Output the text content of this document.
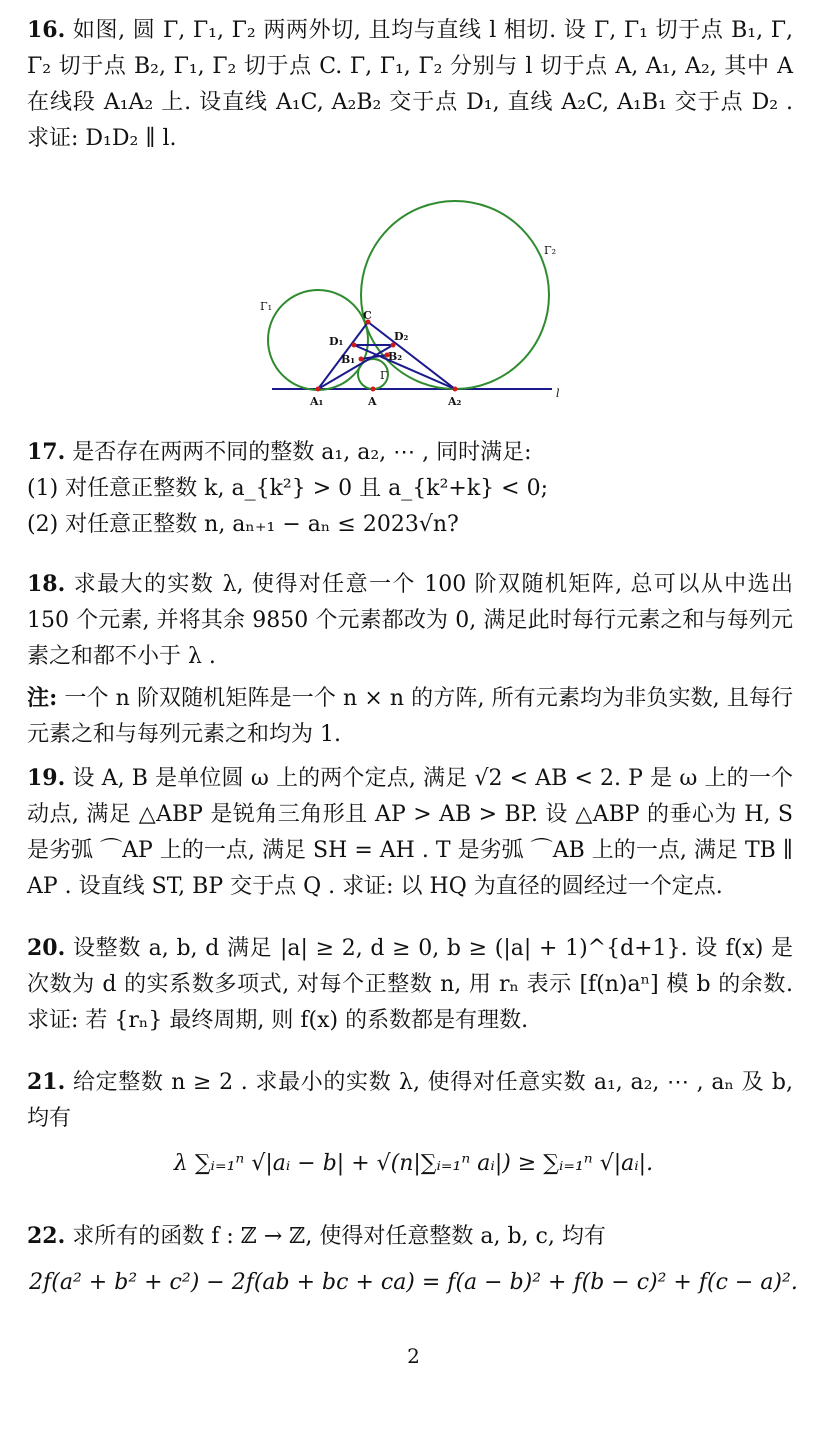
16. 如图, 圆 Γ, Γ₁, Γ₂ 两两外切, 且均与直线 l 相切. 设 Γ, Γ₁ 切于点 B₁, Γ, Γ₂ 切于点 B₂, Γ₁, Γ₂ 切于点 C. Γ, Γ₁, Γ₂ 分别与 l 切于点 A, A₁, A₂, 其中 A 在线段 A₁A₂ 上. 设直线 A₁C, A₂B₂ 交于点 D₁, 直线 A₂C, A₁B₁ 交于点 D₂ . 求证: D₁D₂ ∥ l.

Γ₁
Γ₂
Γ
l
A₁	A	A₂
C
D₁	D₂
B₁	B₂
17. 是否存在两两不同的整数 a₁, a₂, ⋯ , 同时满足:
(1) 对任意正整数 k, a_{k²} > 0 且 a_{k²+k} < 0;
(2) 对任意正整数 n, aₙ₊₁ − aₙ ≤ 2023√n?

18. 求最大的实数 λ, 使得对任意一个 100 阶双随机矩阵, 总可以从中选出 150 个元素, 并将其余 9850 个元素都改为 0, 满足此时每行元素之和与每列元素之和都不小于 λ .

注: 一个 n 阶双随机矩阵是一个 n × n 的方阵, 所有元素均为非负实数, 且每行元素之和与每列元素之和均为 1.

19. 设 A, B 是单位圆 ω 上的两个定点, 满足 √2 < AB < 2. P 是 ω 上的一个动点, 满足 △ABP 是锐角三角形且 AP > AB > BP. 设 △ABP 的垂心为 H, S 是劣弧 ⌒AP 上的一点, 满足 SH = AH . T 是劣弧 ⌒AB 上的一点, 满足 TB ∥ AP . 设直线 ST, BP 交于点 Q . 求证: 以 HQ 为直径的圆经过一个定点.

20. 设整数 a, b, d 满足 |a| ≥ 2, d ≥ 0, b ≥ (|a| + 1)^{d+1}. 设 f(x) 是次数为 d 的实系数多项式, 对每个正整数 n, 用 rₙ 表示 [f(n)aⁿ] 模 b 的余数. 求证: 若 {rₙ} 最终周期, 则 f(x) 的系数都是有理数.

21. 给定整数 n ≥ 2 . 求最小的实数 λ, 使得对任意实数 a₁, a₂, ⋯ , aₙ 及 b, 均有

λ ∑ᵢ₌₁ⁿ √|aᵢ − b| + √(n|∑ᵢ₌₁ⁿ aᵢ|) ≥ ∑ᵢ₌₁ⁿ √|aᵢ|.

22. 求所有的函数 f : ℤ → ℤ, 使得对任意整数 a, b, c, 均有

2f(a² + b² + c²) − 2f(ab + bc + ca) = f(a − b)² + f(b − c)² + f(c − a)².
2
